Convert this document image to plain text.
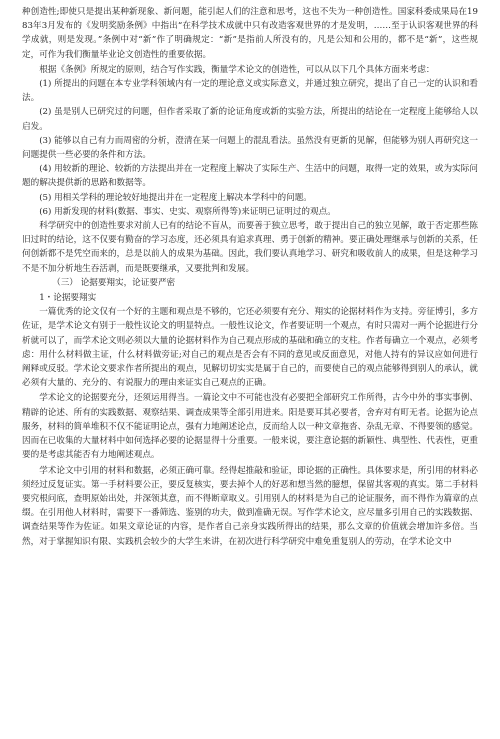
种创造性;即使只是提出某种新现象、新问题，能引起人们的注意和思考，这也不失为一种创造性。国家科委成果局在1983年3月发布的《发明奖励条例》中指出“在科学技术成就中只有改造客观世界的才是发明，……至于认识客观世界的科学成就，则是发现。”条例中对“新”作了明确规定：“新”是指前人所没有的，凡是公知和公用的，都不是“新”，这些规定，可作为我们衡量毕业论文创造性的重要依据。

根据《条例》所规定的原则，结合写作实践，衡量学术论文的创造性，可以从以下几个具体方面来考虑：

(1) 所提出的问题在本专业学科领域内有一定的理论意义或实际意义，并通过独立研究，提出了自己一定的认识和看法。

(2) 虽是别人已研究过的问题，但作者采取了新的论证角度或新的实验方法，所提出的结论在一定程度上能够给人以启发。

(3) 能够以自己有力而周密的分析，澄清在某一问题上的混乱看法。虽然没有更新的见解，但能够为别人再研究这一问题提供一些必要的条件和方法。

(4) 用较新的理论、较新的方法提出并在一定程度上解决了实际生产、生活中的问题，取得一定的效果，或为实际问题的解决提供新的思路和数据等。

(5) 用相关学科的理论较好地提出并在一定程度上解决本学科中的问题。

(6) 用新发现的材料(数据、事实、史实、观察所得等)来证明已证明过的观点。

科学研究中的创造性要求对前人已有的结论不盲从，而要善于独立思考，敢于提出自己的独立见解，敢于否定那些陈旧过时的结论，这不仅要有勤奋的学习态度，还必须具有追求真理、勇于创新的精神。要正确处理继承与创新的关系，任何创新都不是凭空而来的，总是以前人的成果为基础。因此，我们要认真地学习、研究和吸收前人的成果，但是这种学习不是不加分析地生吞活剥，而是既要继承，又要批判和发展。

（三） 论据要翔实，论证要严密

1・论据要翔实

一篇优秀的论文仅有一个好的主题和观点是不够的，它还必须要有充分、翔实的论据材料作为支持。旁征博引，多方佐证，是学术论文有别于一般性议论文的明显特点。一般性议论文，作者要证明一个观点，有时只需对一两个论据进行分析就可以了，而学术论文则必须以大量的论据材料作为自己观点形成的基础和确立的支柱。作者每确立一个观点，必须考虑：用什么材料做主证，什么材料做旁证;对自己的观点是否会有不同的意见或反面意见，对他人持有的异议应如何进行阐释或反驳。学术论文要求作者所提出的观点，见解切切实实是属于自己的，而要使自己的观点能够得到别人的承认，就必须有大量的、充分的、有说服力的理由来证实自己观点的正确。

学术论文的论据要充分，还须运用得当。一篇论文中不可能也没有必要把全部研究工作所得，古今中外的事实事例、精辟的论述、所有的实践数据、观察结果、调查成果等全部引用进来。阳是要耳其必要者，舍弃对有町无者。论据为论点服务，材料的简单堆积不仅不能证明论点，强有力地阐述论点，反而给人以一种文章拖沓、杂乱无章、不得要领的感觉。因而在已收集的大量材料中如何选择必要的论据显得十分重要。一般来说，要注意论据的新颖性、典型性、代表性，更重要的是考虑其能否有力地阐述观点。

学术论文中引用的材料和数据，必须正确可靠。经得起推敲和验证，即论据的正确性。具体要求是，所引用的材料必须经过反复证实。第一手材料要公正，要反复核实，要去掉个人的好恶和想当然的臆想，保留其客观的真实。第二手材料要究根问底，查明原始出处，并深领其意，而不得断章取义。引用别人的材料是为自己的论证服务，而不得作为篇章的点缀。在引用他人材料时，需要下一番筛选、鉴别的功夫，做到准确无误。写作学术论文，应尽量多引用自己的实践数据、调查结果等作为佐证。如果文章论证的内容，是作者自己亲身实践所得出的结果，那么文章的价值就会增加许多倍。当然，对于掌握知识有限、实践机会较少的大学生来讲，在初次进行科学研究中难免重复别人的劳动，在学术论文中
